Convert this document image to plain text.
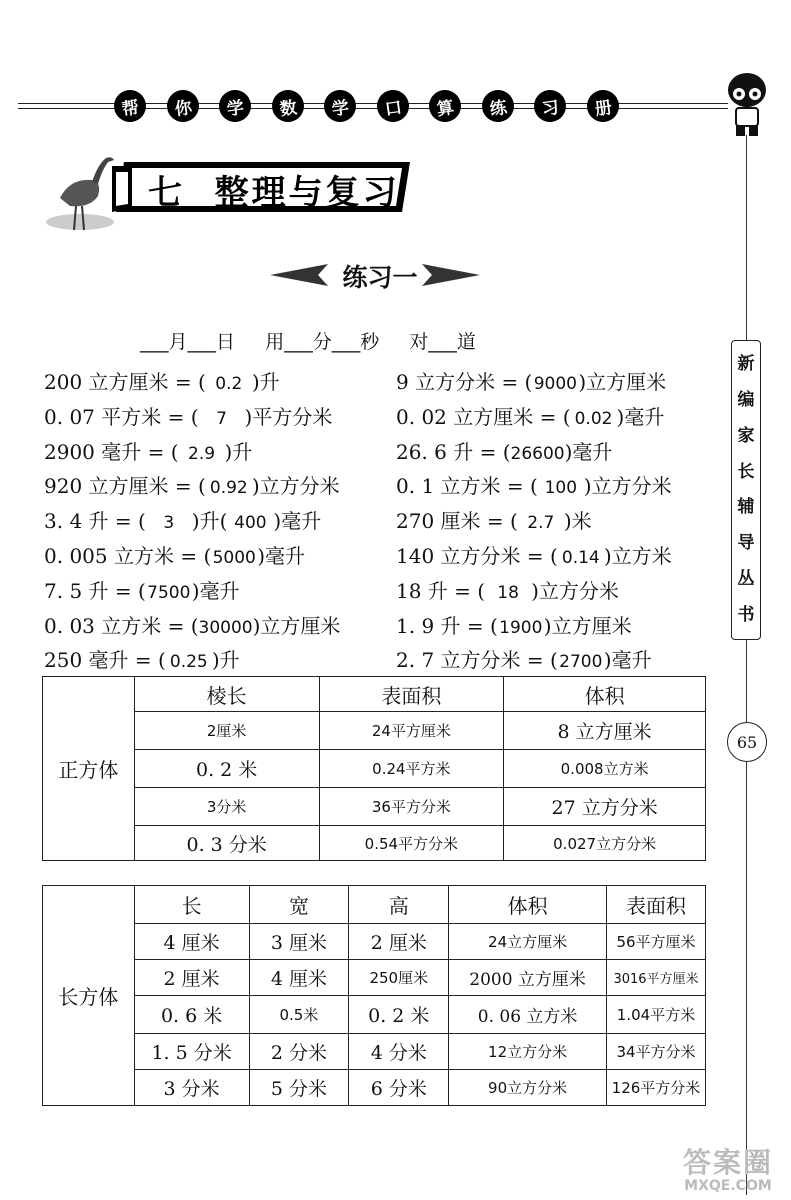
帮	你	学	数	学	口	算	练	习	册
新
编
家
长
辅
导
丛
书
65
七  整理与复习
练习一
___月___日     用___分___秒     对___道
200 立方厘米 = ( 0.2 )升
0. 07 平方米 = ( 7 )平方分米
2900 毫升 = ( 2.9 )升
920 立方厘米 = ( 0.92 )立方分米
3. 4 升 = ( 3 )升( 400 )毫升
0. 005 立方米 = (5000)毫升
7. 5 升 = (7500)毫升
0. 03 立方米 = (30000)立方厘米
250 毫升 = ( 0.25 )升
9 立方分米 = (9000)立方厘米
0. 02 立方厘米 = ( 0.02 )毫升
26. 6 升 = (26600)毫升
0. 1 立方米 = ( 100 )立方分米
270 厘米 = ( 2.7 )米
140 立方分米 = ( 0.14 )立方米
18 升 = ( 18 )立方分米
1. 9 升 = (1900)立方厘米
2. 7 立方分米 = (2700)毫升
正方体	棱长	表面积	体积
	2厘米	24平方厘米	8 立方厘米
	0. 2 米	0.24平方米	0.008立方米
	3分米	36平方分米	27 立方分米
	0. 3 分米	0.54平方分米	0.027立方分米
长方体	长	宽	高	体积	表面积
	4 厘米	3 厘米	2 厘米	24立方厘米	56平方厘米
	2 厘米	4 厘米	250厘米	2000 立方厘米	3016平方厘米
	0. 6 米	0.5米	0. 2 米	0. 06 立方米	1.04平方米
	1. 5 分米	2 分米	4 分米	12立方分米	34平方分米
	3 分米	5 分米	6 分米	90立方分米	126平方分米
答案圈
MXQE.COM
